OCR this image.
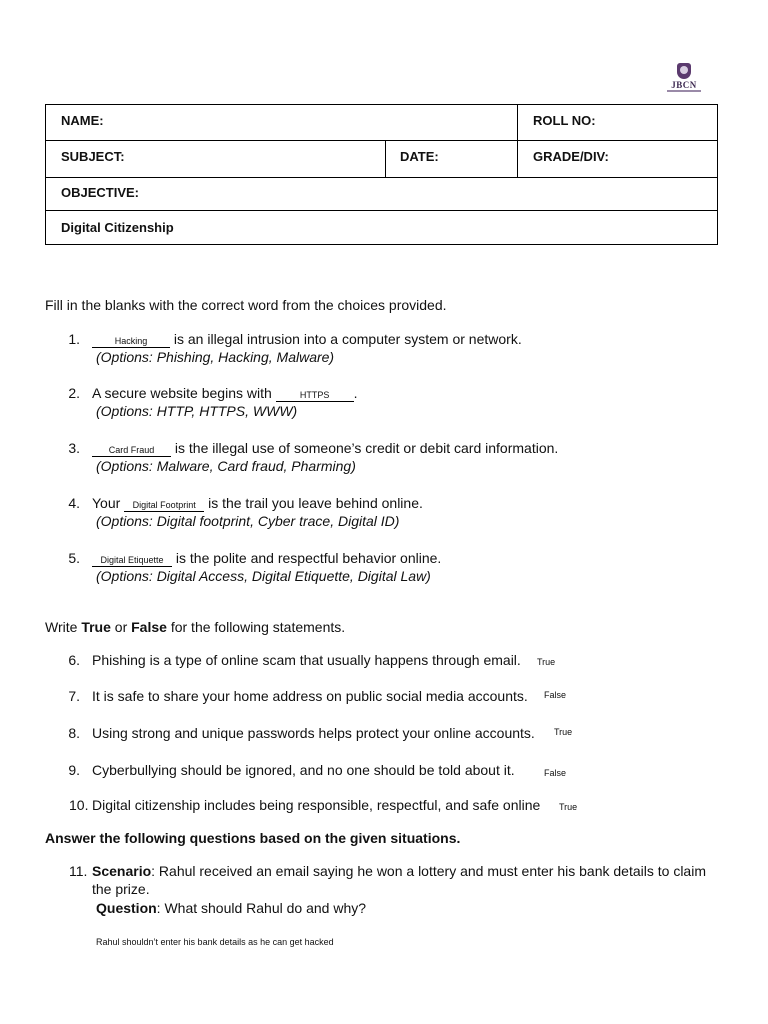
JBCN
NAME:	ROLL NO:
SUBJECT:	DATE:	GRADE/DIV:
OBJECTIVE:
Digital Citizenship
Fill in the blanks with the correct word from the choices provided.
1.	Hacking is an illegal intrusion into a computer system or network.
(Options: Phishing, Hacking, Malware)
2. A secure website begins with	HTTPS .
(Options: HTTP, HTTPS, WWW)
3.	Card Fraud is the illegal use of someone’s credit or debit card information.
(Options: Malware, Card fraud, Pharming)
4. Your Digital Footprint is the trail you leave behind online.
(Options: Digital footprint, Cyber trace, Digital ID)
5.	Digital Etiquette is the polite and respectful behavior online.
(Options: Digital Access, Digital Etiquette, Digital Law)
Write True or False for the following statements.
6. Phishing is a type of online scam that usually happens through email. True
7. It is safe to share your home address on public social media accounts. False
8. Using strong and unique passwords helps protect your online accounts. True
9. Cyberbullying should be ignored, and no one should be told about it.	False
10. Digital citizenship includes being responsible, respectful, and safe online True
Answer the following questions based on the given situations.
11. Scenario: Rahul received an email saying he won a lottery and must enter his bank details to claim
the prize.
Question: What should Rahul do and why?
Rahul shouldn’t enter his bank details as he can get hacked
